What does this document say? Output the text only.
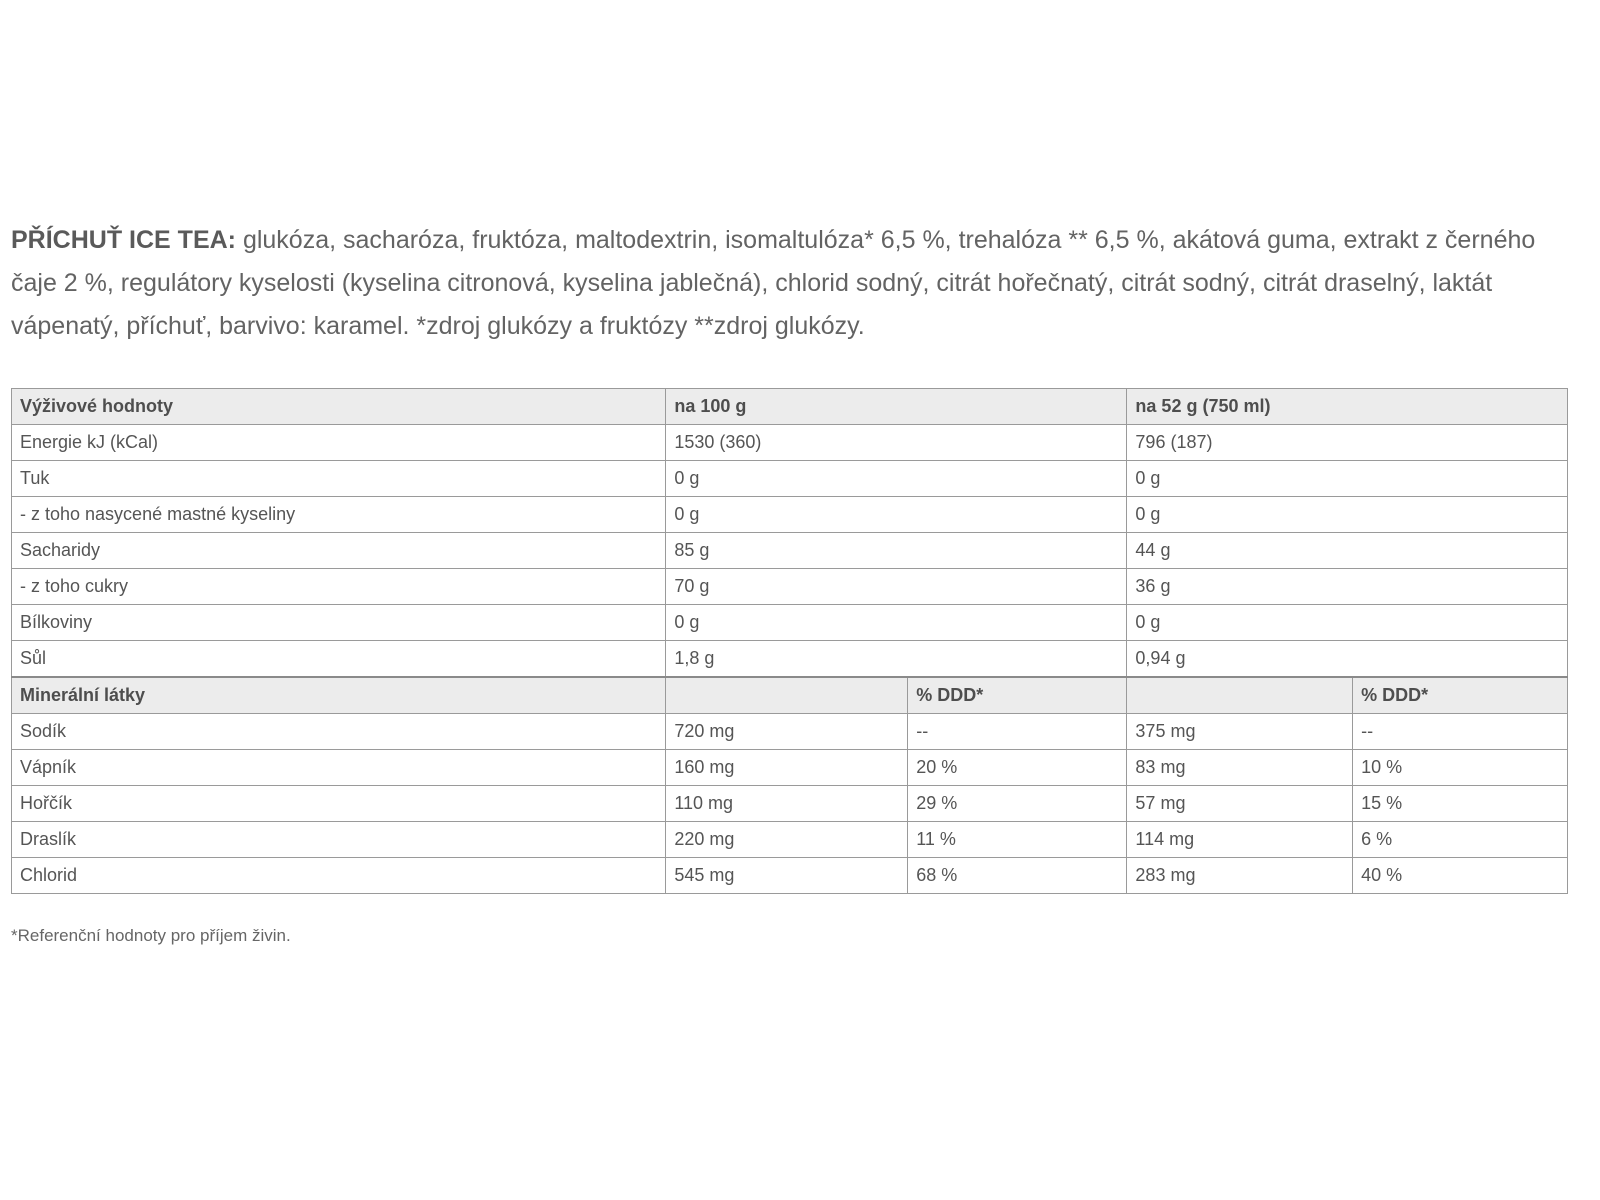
PŘÍCHUŤ ICE TEA: glukóza, sacharóza, fruktóza, maltodextrin, isomaltulóza* 6,5 %, trehalóza ** 6,5 %, akátová guma, extrakt z černého čaje 2 %, regulátory kyselosti (kyselina citronová, kyselina jablečná), chlorid sodný, citrát hořečnatý, citrát sodný, citrát draselný, laktát vápenatý, příchuť, barvivo: karamel. *zdroj glukózy a fruktózy **zdroj glukózy.

Výživové hodnoty	na 100 g		na 52 g (750 ml)	
Energie kJ (kCal)	1530 (360)		796 (187)	
Tuk	0 g		0 g	
- z toho nasycené mastné kyseliny	0 g		0 g	
Sacharidy	85 g		44 g	
- z toho cukry	70 g		36 g	
Bílkoviny	0 g		0 g	
Sůl	1,8 g		0,94 g	
Minerální látky		% DDD*		% DDD*
Sodík	720 mg	--	375 mg	--
Vápník	160 mg	20 %	83 mg	10 %
Hořčík	110 mg	29 %	57 mg	15 %
Draslík	220 mg	11 %	114 mg	6 %
Chlorid	545 mg	68 %	283 mg	40 %

*Referenční hodnoty pro příjem živin.
